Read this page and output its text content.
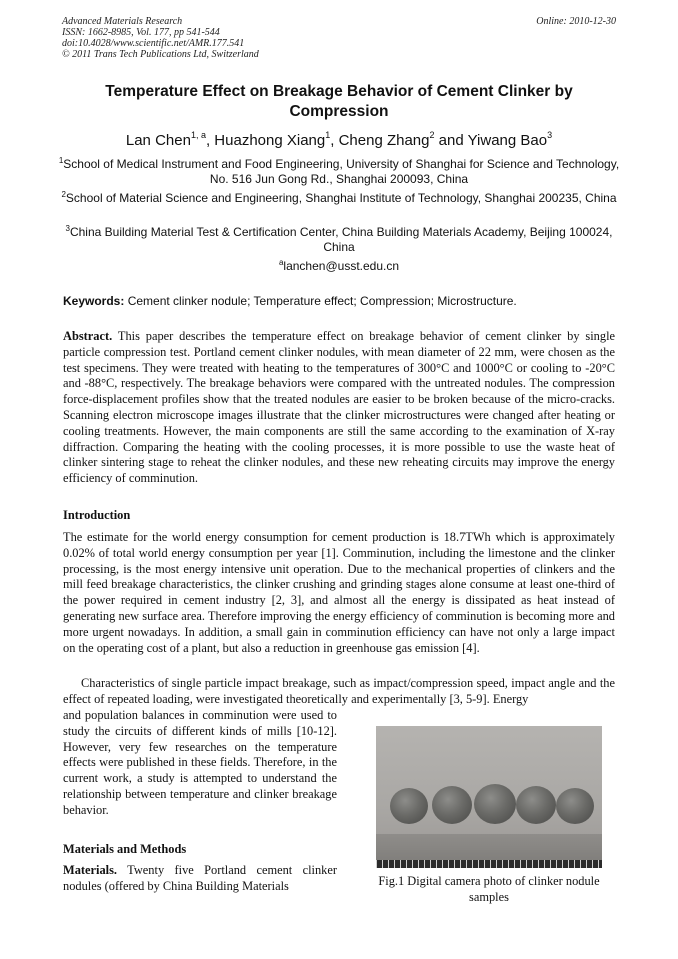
Advanced Materials Research
ISSN: 1662-8985, Vol. 177, pp 541-544
doi:10.4028/www.scientific.net/AMR.177.541
© 2011 Trans Tech Publications Ltd, Switzerland
Online: 2010-12-30
Temperature Effect on Breakage Behavior of Cement Clinker by Compression
Lan Chen$^{1, a}$, Huazhong Xiang$^1$, Cheng Zhang$^2$ and Yiwang Bao$^3$
$^1$School of Medical Instrument and Food Engineering, University of Shanghai for Science and Technology, No. 516 Jun Gong Rd., Shanghai 200093, China
$^2$School of Material Science and Engineering, Shanghai Institute of Technology, Shanghai 200235, China
$^3$China Building Material Test & Certification Center, China Building Materials Academy, Beijing 100024, China
$^a$lanchen@usst.edu.cn
Keywords: Cement clinker nodule; Temperature effect; Compression; Microstructure.
Abstract. This paper describes the temperature effect on breakage behavior of cement clinker by single particle compression test. Portland cement clinker nodules, with mean diameter of 22 mm, were chosen as the test specimens. They were treated with heating to the temperatures of 300°C and 1000°C or cooling to -20°C and -88°C, respectively. The breakage behaviors were compared with the untreated nodules. The compression force-displacement profiles show that the treated nodules are easier to be broken because of the micro-cracks. Scanning electron microscope images illustrate that the clinker microstructures were changed after heating or cooling treatments. However, the main components are still the same according to the examination of X-ray diffraction. Comparing the heating with the cooling processes, it is more possible to use the waste heat of clinker sintering stage to reheat the clinker nodules, and these new reheating circuits may improve the energy efficiency of comminution.
Introduction
The estimate for the world energy consumption for cement production is 18.7TWh which is approximately 0.02% of total world energy consumption per year [1]. Comminution, including the limestone and the clinker processing, is the most energy intensive unit operation. Due to the mechanical properties of clinkers and the mill feed breakage characteristics, the clinker crushing and grinding stages alone consume at least one-third of the power required in cement industry [2, 3], and almost all the energy is dissipated as heat instead of generating new surface area. Therefore improving the energy efficiency of comminution is becoming more and more urgent nowadays. In addition, a small gain in comminution efficiency can have not only a large impact on the operating cost of a plant, but also a reduction in greenhouse gas emission [4].
Characteristics of single particle impact breakage, such as impact/compression speed, impact angle and the effect of repeated loading, were investigated theoretically and experimentally [3, 5-9]. Energy
and population balances in comminution were used to study the circuits of different kinds of mills [10-12]. However, very few researches on the temperature effects were published in these fields. Therefore, in the current work, a study is attempted to understand the relationship between temperature and clinker breakage behavior.
Materials and Methods
Materials. Twenty five Portland cement clinker nodules (offered by China Building Materials	Fig.1 Digital camera photo of clinker nodule samples
